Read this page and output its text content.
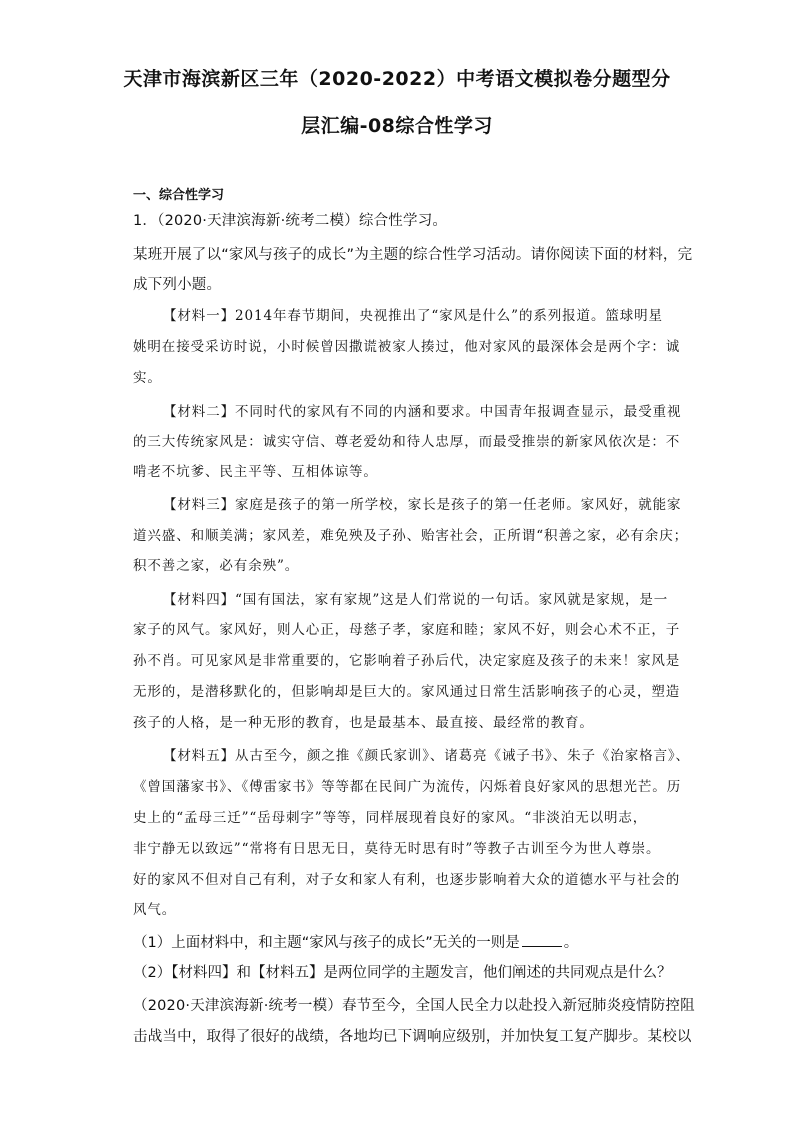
天津市海滨新区三年（2020-2022）中考语文模拟卷分题型分
层汇编-08综合性学习
一、综合性学习
1．（2020·天津滨海新·统考二模）综合性学习。
某班开展了以“家风与孩子的成长”为主题的综合性学习活动。请你阅读下面的材料，完
成下列小题。
【材料一】2014年春节期间，央视推出了“家风是什么”的系列报道。篮球明星
姚明在接受采访时说，小时候曾因撒谎被家人揍过，他对家风的最深体会是两个字：诚
实。
【材料二】不同时代的家风有不同的内涵和要求。中国青年报调查显示，最受重视
的三大传统家风是：诚实守信、尊老爱幼和待人忠厚，而最受推崇的新家风依次是：不
啃老不坑爹、民主平等、互相体谅等。
【材料三】家庭是孩子的第一所学校，家长是孩子的第一任老师。家风好，就能家
道兴盛、和顺美满；家风差，难免殃及子孙、贻害社会，正所谓“积善之家，必有余庆；
积不善之家，必有余殃”。
【材料四】“国有国法，家有家规”这是人们常说的一句话。家风就是家规，是一
家子的风气。家风好，则人心正，母慈子孝，家庭和睦；家风不好，则会心术不正，子
孙不肖。可见家风是非常重要的，它影响着子孙后代，决定家庭及孩子的未来！家风是
无形的，是潜移默化的，但影响却是巨大的。家风通过日常生活影响孩子的心灵，塑造
孩子的人格，是一种无形的教育，也是最基本、最直接、最经常的教育。
【材料五】从古至今，颜之推《颜氏家训》、诸葛亮《诫子书》、朱子《治家格言》、
《曾国藩家书》、《傅雷家书》等等都在民间广为流传，闪烁着良好家风的思想光芒。历
史上的“孟母三迁”“岳母刺字”等等，同样展现着良好的家风。“非淡泊无以明志，
非宁静无以致远”“常将有日思无日，莫待无时思有时”等教子古训至今为世人尊崇。
好的家风不但对自己有利，对子女和家人有利，也逐步影响着大众的道德水平与社会的
风气。
（1）上面材料中，和主题“家风与孩子的成长”无关的一则是	。
（2）【材料四】和【材料五】是两位同学的主题发言，他们阐述的共同观点是什么？
（2020·天津滨海新·统考一模）春节至今，全国人民全力以赴投入新冠肺炎疫情防控阻
击战当中，取得了很好的战绩，各地均已下调响应级别，并加快复工复产脚步。某校以
